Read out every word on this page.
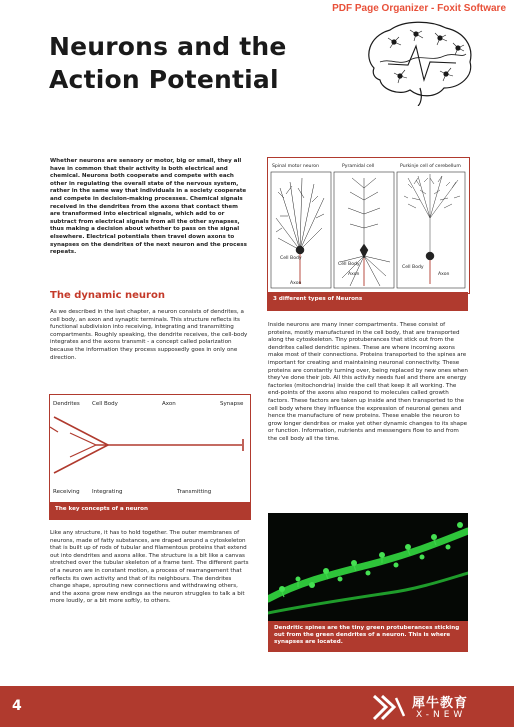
PDF Page Organizer - Foxit Software
Neurons and the Action Potential

Whether neurons are sensory or motor, big or small, they all have in common that their activity is both electrical and chemical. Neurons both cooperate and compete with each other in regulating the overall state of the nervous system, rather in the same way that individuals in a society cooperate and compete in decision-making processes. Chemical signals received in the dendrites from the axons that contact them are transformed into electrical signals, which add to or subtract from electrical signals from all the other synapses, thus making a decision about whether to pass on the signal elsewhere. Electrical potentials then travel down axons to synapses on the dendrites of the next neuron and the process repeats.

The dynamic neuron

As we described in the last chapter, a neuron consists of dendrites, a cell body, an axon and synaptic terminals. This structure reflects its functional subdivision into receiving, integrating and transmitting compartments. Roughly speaking, the dendrite receives, the cell-body integrates and the axons transmit - a concept called polarization because the information they process supposedly goes in only one direction.

Dendrites Cell Body	Axon	Synapse
Receiving Integrating	Transmitting
The key concepts of a neuron

Like any structure, it has to hold together. The outer membranes of neurons, made of fatty substances, are draped around a cytoskeleton that is built up of rods of tubular and filamentous proteins that extend out into dendrites and axons alike. The structure is a bit like a canvas stretched over the tubular skeleton of a frame tent. The different parts of a neuron are in constant motion, a process of rearrangement that reflects its own activity and that of its neighbours. The dendrites change shape, sprouting new connections and withdrawing others, and the axons grow new endings as the neuron struggles to talk a bit more loudly, or a bit more softly, to others.

Spinal motor neuron	Pyramidal cell	Purkinje cell of cerebellum
Cell Body
Axon
Cell Body
Axon
Cell Body
Axon
3 different types of Neurons

Inside neurons are many inner compartments. These consist of proteins, mostly manufactured in the cell body, that are transported along the cytoskeleton. Tiny protuberances that stick out from the dendrites called dendritic spines. These are where incoming axons make most of their connections. Proteins transported to the spines are important for creating and maintaining neuronal connectivity. These proteins are constantly turning over, being replaced by new ones when they've done their job. All this activity needs fuel and there are energy factories (mitochondria) inside the cell that keep it all working. The end-points of the axons also respond to molecules called growth factors. These factors are taken up inside and then transported to the cell body where they influence the expression of neuronal genes and hence the manufacture of new proteins. These enable the neuron to grow longer dendrites or make yet other dynamic changes to its shape or function. Information, nutrients and messengers flow to and from the cell body all the time.

Dendritic spines are the tiny green protuberances sticking out from the green dendrites of a neuron. This is where synapses are located.
4	犀牛教育
X-NEW
